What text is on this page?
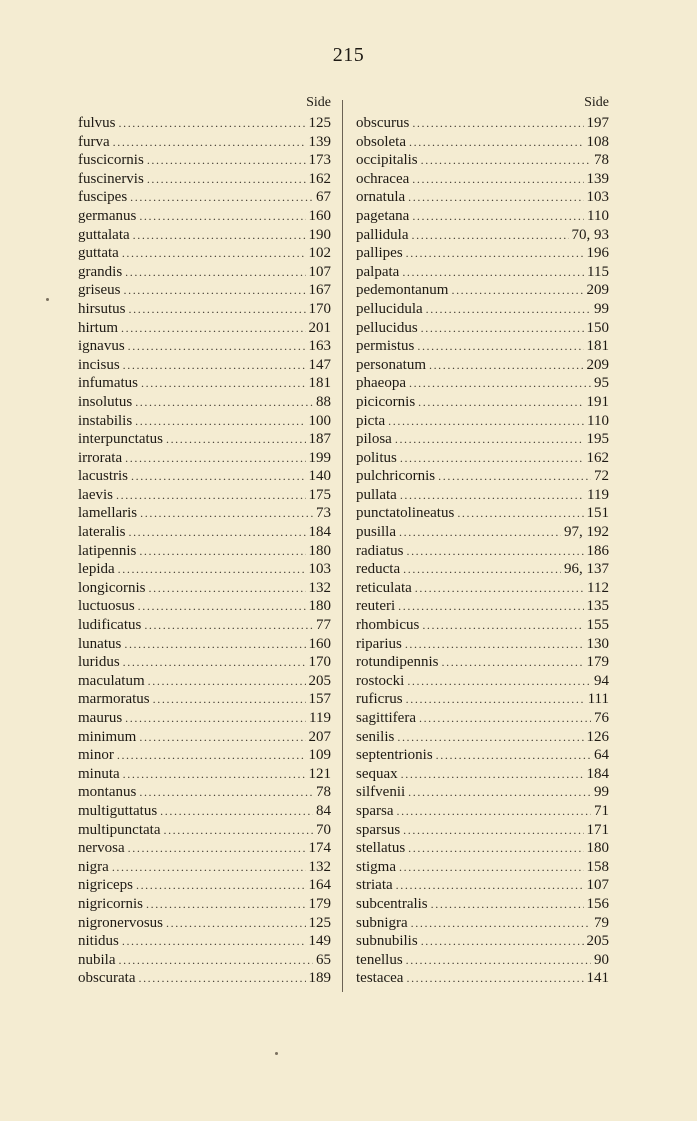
215
Side
fulvus .....	125
furva .....	139
fuscicornis .....	173
fuscinervis .....	162
fuscipes .....	67
germanus .....	160
guttalata .....	190
guttata .....	102
grandis .....	107
griseus .....	167
hirsutus .....	170
hirtum .....	201
ignavus .....	163
incisus .....	147
infumatus .....	181
insolutus .....	88
instabilis .....	100
interpunctatus .....	187
irrorata .....	199
lacustris .....	140
laevis .....	175
lamellaris .....	73
lateralis .....	184
latipennis .....	180
lepida .....	103
longicornis .....	132
luctuosus .....	180
ludificatus .....	77
lunatus .....	160
luridus .....	170
maculatum .....	205
marmoratus .....	157
maurus .....	119
minimum .....	207
minor .....	109
minuta .....	121
montanus .....	78
multiguttatus .....	84
multipunctata .....	70
nervosa .....	174
nigra .....	132
nigriceps .....	164
nigricornis .....	179
nigronervosus .....	125
nitidus .....	149
nubila .....	65
obscurata .....	189
Side
obscurus .....	197
obsoleta .....	108
occipitalis .....	78
ochracea .....	139
ornatula .....	103
pagetana .....	110
pallidula .....	70, 93
pallipes .....	196
palpata .....	115
pedemontanum .....	209
pellucidula .....	99
pellucidus .....	150
permistus .....	181
personatum .....	209
phaeopa .....	95
picicornis .....	191
picta .....	110
pilosa .....	195
politus .....	162
pulchricornis .....	72
pullata .....	119
punctatolineatus .....	151
pusilla .....	97, 192
radiatus .....	186
reducta .....	96, 137
reticulata .....	112
reuteri .....	135
rhombicus .....	155
riparius .....	130
rotundipennis .....	179
rostocki .....	94
ruficrus .....	111
sagittifera .....	76
senilis .....	126
septentrionis .....	64
sequax .....	184
silfvenii .....	99
sparsa .....	71
sparsus .....	171
stellatus .....	180
stigma .....	158
striata .....	107
subcentralis .....	156
subnigra .....	79
subnubilis .....	205
tenellus .....	90
testacea .....	141
